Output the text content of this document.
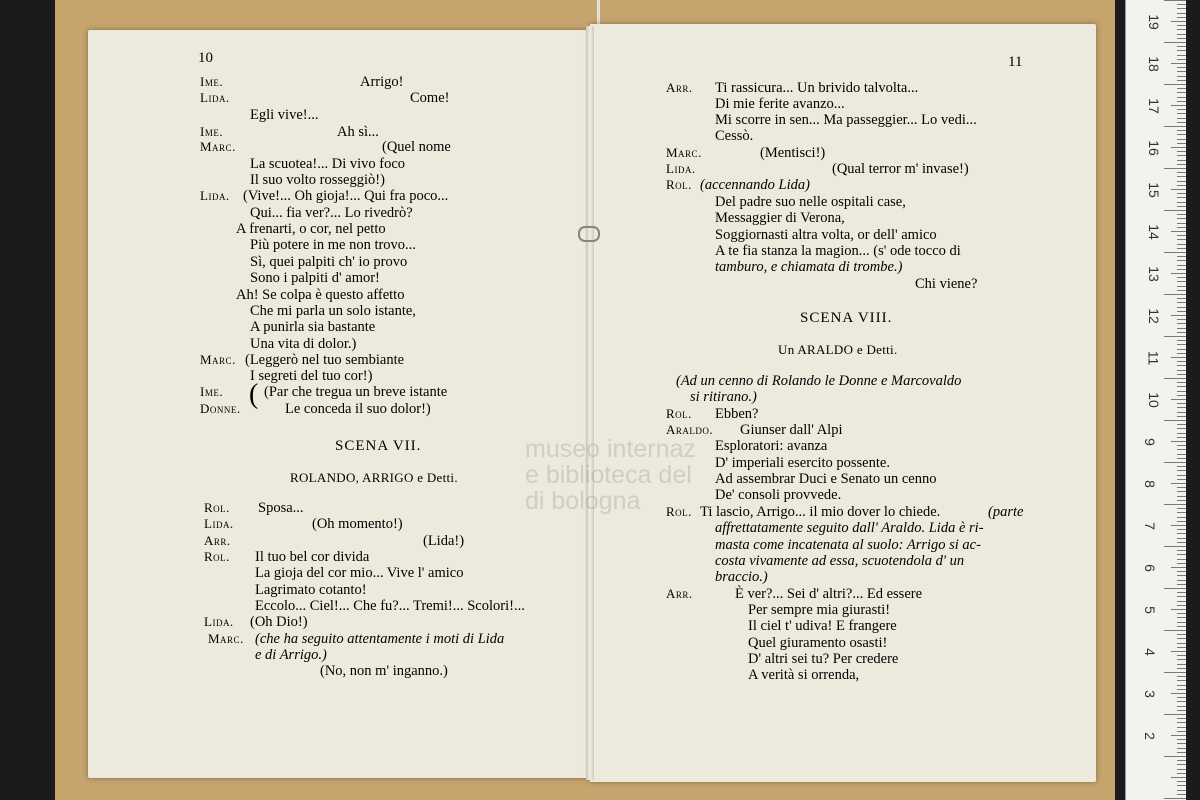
museo internaz
e biblioteca del
di bologna
10	11
Ime.	Arrigo!
Lida.	Come!
Egli vive!...
Ime.	Ah sì...
Marc.	(Quel nome
La scuotea!... Di vivo foco
Il suo volto rosseggiò!)
Lida. (Vive!... Oh gioja!... Qui fra poco...
Qui... fia ver?... Lo rivedrò?
A frenarti, o cor, nel petto
Più potere in me non trovo...
Sì, quei palpiti ch' io provo
Sono i palpiti d' amor!
Ah! Se colpa è questo affetto
Che mi parla un solo istante,
A punirla sia bastante
Una vita di dolor.)
Marc. (Leggerò nel tuo sembiante
I segreti del tuo cor!)
Ime.	(Par che tregua un breve istante
Donne.	Le conceda il suo dolor!)
SCENA VII.
ROLANDO, ARRIGO e Detti.
Rol. Sposa...
Lida.	(Oh momento!)
Arr.	(Lida!)
Rol. Il tuo bel cor divida
La gioja del cor mio... Vive l' amico
Lagrimato cotanto!
Eccolo... Ciel!... Che fu?... Tremi!... Scolori!...
Lida. (Oh Dio!)
Marc. (che ha seguito attentamente i moti di Lida
e di Arrigo.)
(No, non m' inganno.)
(
Arr. Ti rassicura... Un brivido talvolta...
Di mie ferite avanzo...
Mi scorre in sen... Ma passeggier... Lo vedi...
Cessò.
Marc.	(Mentisci!)
Lida.	(Qual terror m' invase!)
Rol.
Del padre suo nelle ospitali case,
Messaggier di Verona,
Soggiornasti altra volta, or dell' amico
(accennando Lida)
A te fia stanza la magion... (s' ode tocco di
tamburo, e chiamata di trombe.)
Chi viene?
SCENA VIII.
Un ARALDO e Detti.
(Ad un cenno di Rolando le Donne e Marcovaldo
si ritirano.)
Rol. Ebben?
Araldo. Giunser dall' Alpi
Esploratori: avanza
D' imperiali esercito possente.
Ad assembrar Duci e Senato un cenno
De' consoli provvede.
Rol. Ti lascio, Arrigo... il mio dover lo chiede.	(parte
affrettatamente seguito dall' Araldo. Lida è ri-
masta come incatenata al suolo: Arrigo si ac-
costa vivamente ad essa, scuotendola d' un
braccio.)
Arr.	È ver?... Sei d' altri?... Ed essere
Per sempre mia giurasti!
Il ciel t' udiva! E frangere
Quel giuramento osasti!
D' altri sei tu? Per credere
A verità si orrenda,
19
18
17
16
15
14
13
12
11
10
9
8
7
6
5
4
3
2
